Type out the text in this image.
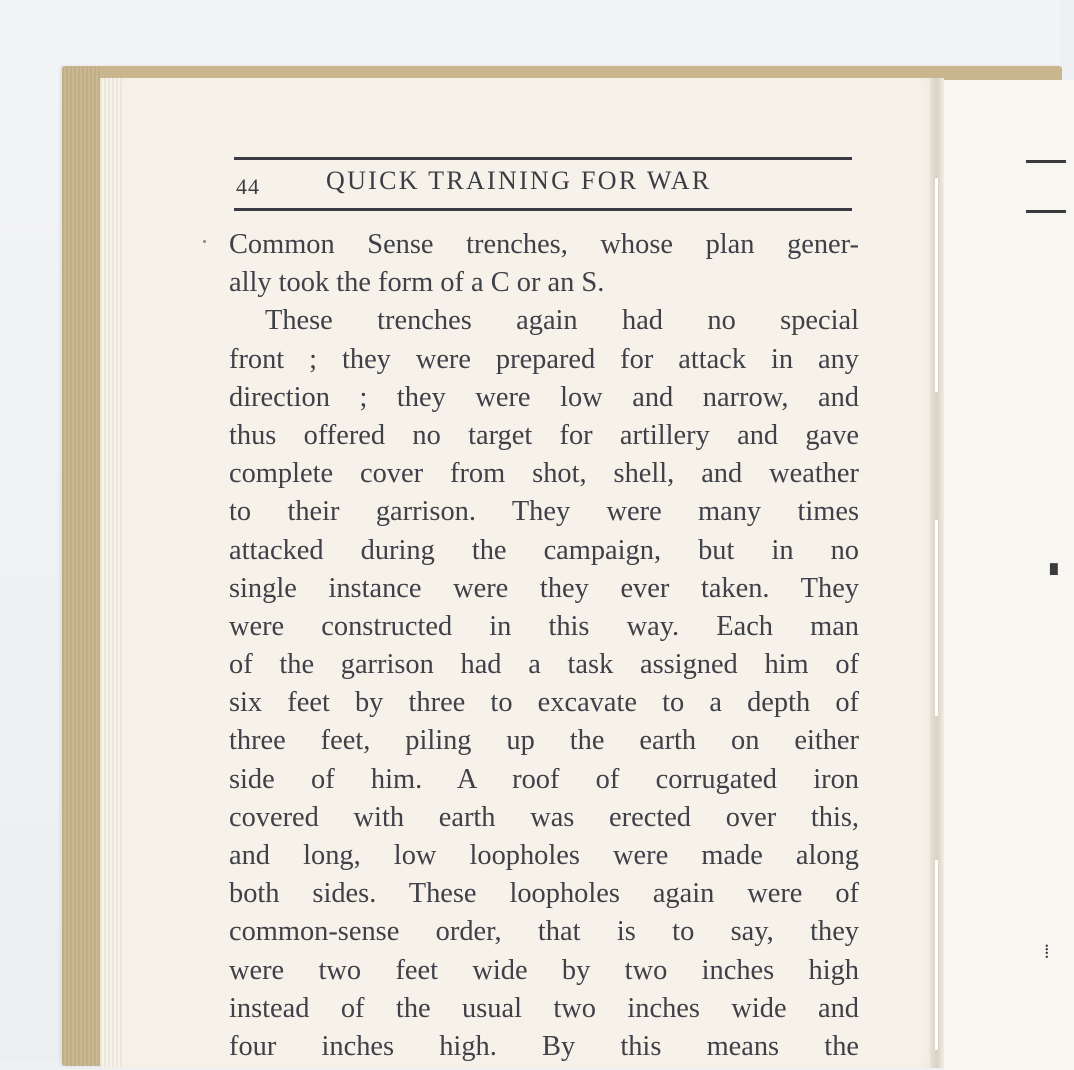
▘
⁞
44	QUICK TRAINING FOR WAR
Common Sense trenches, whose plan gener-
ally took the form of a C or an S.
These trenches again had no special
front ; they were prepared for attack in any
direction ; they were low and narrow, and
thus offered no target for artillery and gave
complete cover from shot, shell, and weather
to their garrison. They were many times
attacked during the campaign, but in no
single instance were they ever taken. They
were constructed in this way. Each man
of the garrison had a task assigned him of
six feet by three to excavate to a depth of
three feet, piling up the earth on either
side of him. A roof of corrugated iron
covered with earth was erected over this,
and long, low loopholes were made along
both sides. These loopholes again were of
common-sense order, that is to say, they
were two feet wide by two inches high
instead of the usual two inches wide and
four inches high. By this means the
